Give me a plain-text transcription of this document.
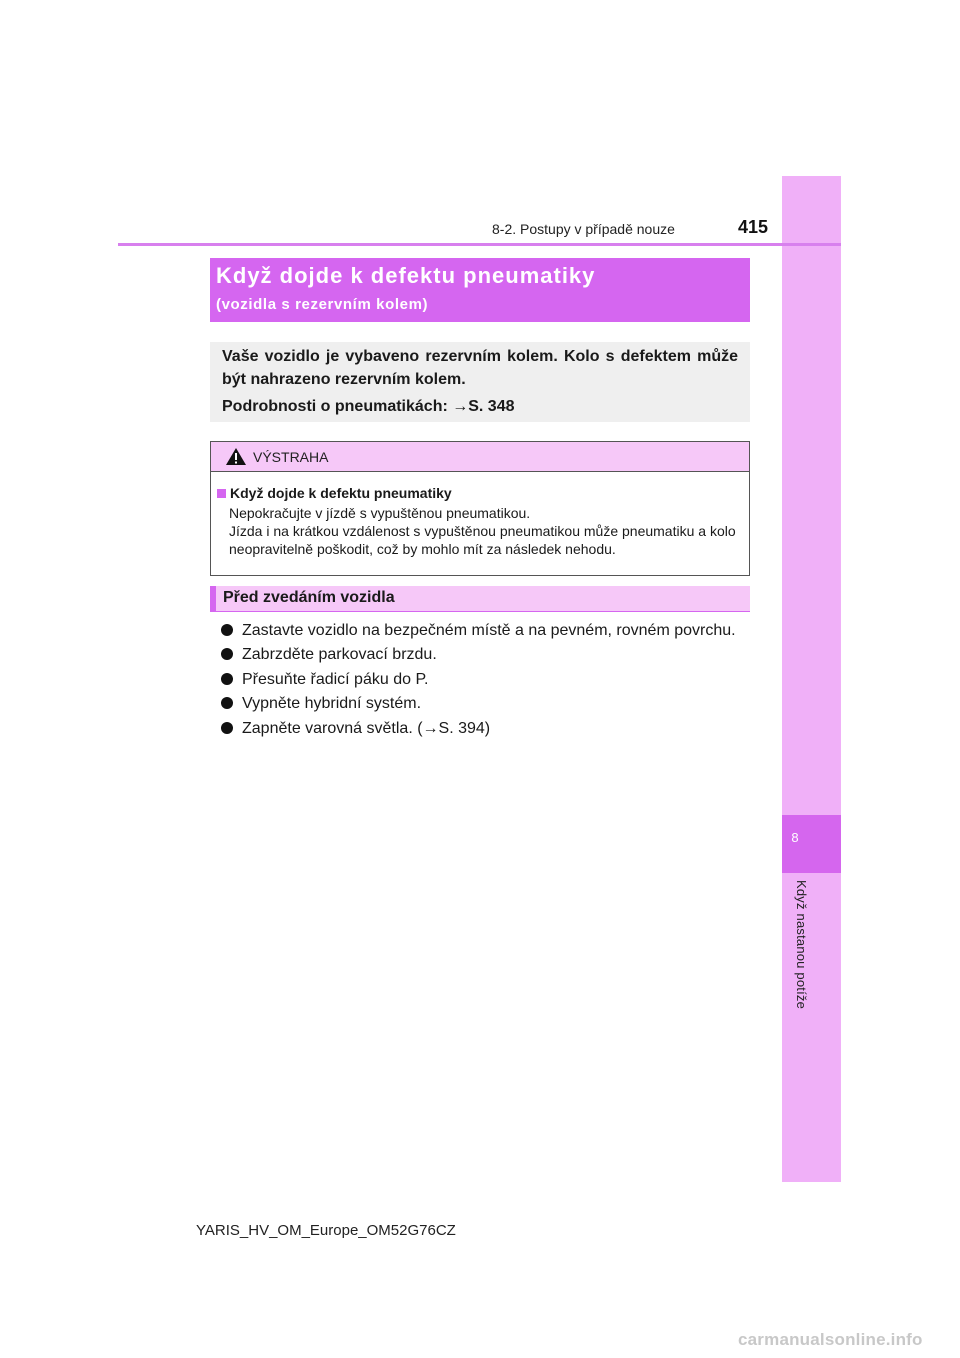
8
Když nastanou potíže
8-2. Postupy v případě nouze	415
Když dojde k defektu pneumatiky
(vozidla s rezervním kolem)
Vaše vozidlo je vybaveno rezervním kolem. Kolo s defektem může být nahrazeno rezervním kolem.
Podrobnosti o pneumatikách: →S. 348
VÝSTRAHA
Když dojde k defektu pneumatiky
Nepokračujte v jízdě s vypuštěnou pneumatikou.
Jízda i na krátkou vzdálenost s vypuštěnou pneumatikou může pneumatiku a kolo neopravitelně poškodit, což by mohlo mít za následek nehodu.
Před zvedáním vozidla
Zastavte vozidlo na bezpečném místě a na pevném, rovném povrchu.
Zabrzděte parkovací brzdu.
Přesuňte řadicí páku do P.
Vypněte hybridní systém.
Zapněte varovná světla. (→S. 394)
YARIS_HV_OM_Europe_OM52G76CZ
carmanualsonline.info
